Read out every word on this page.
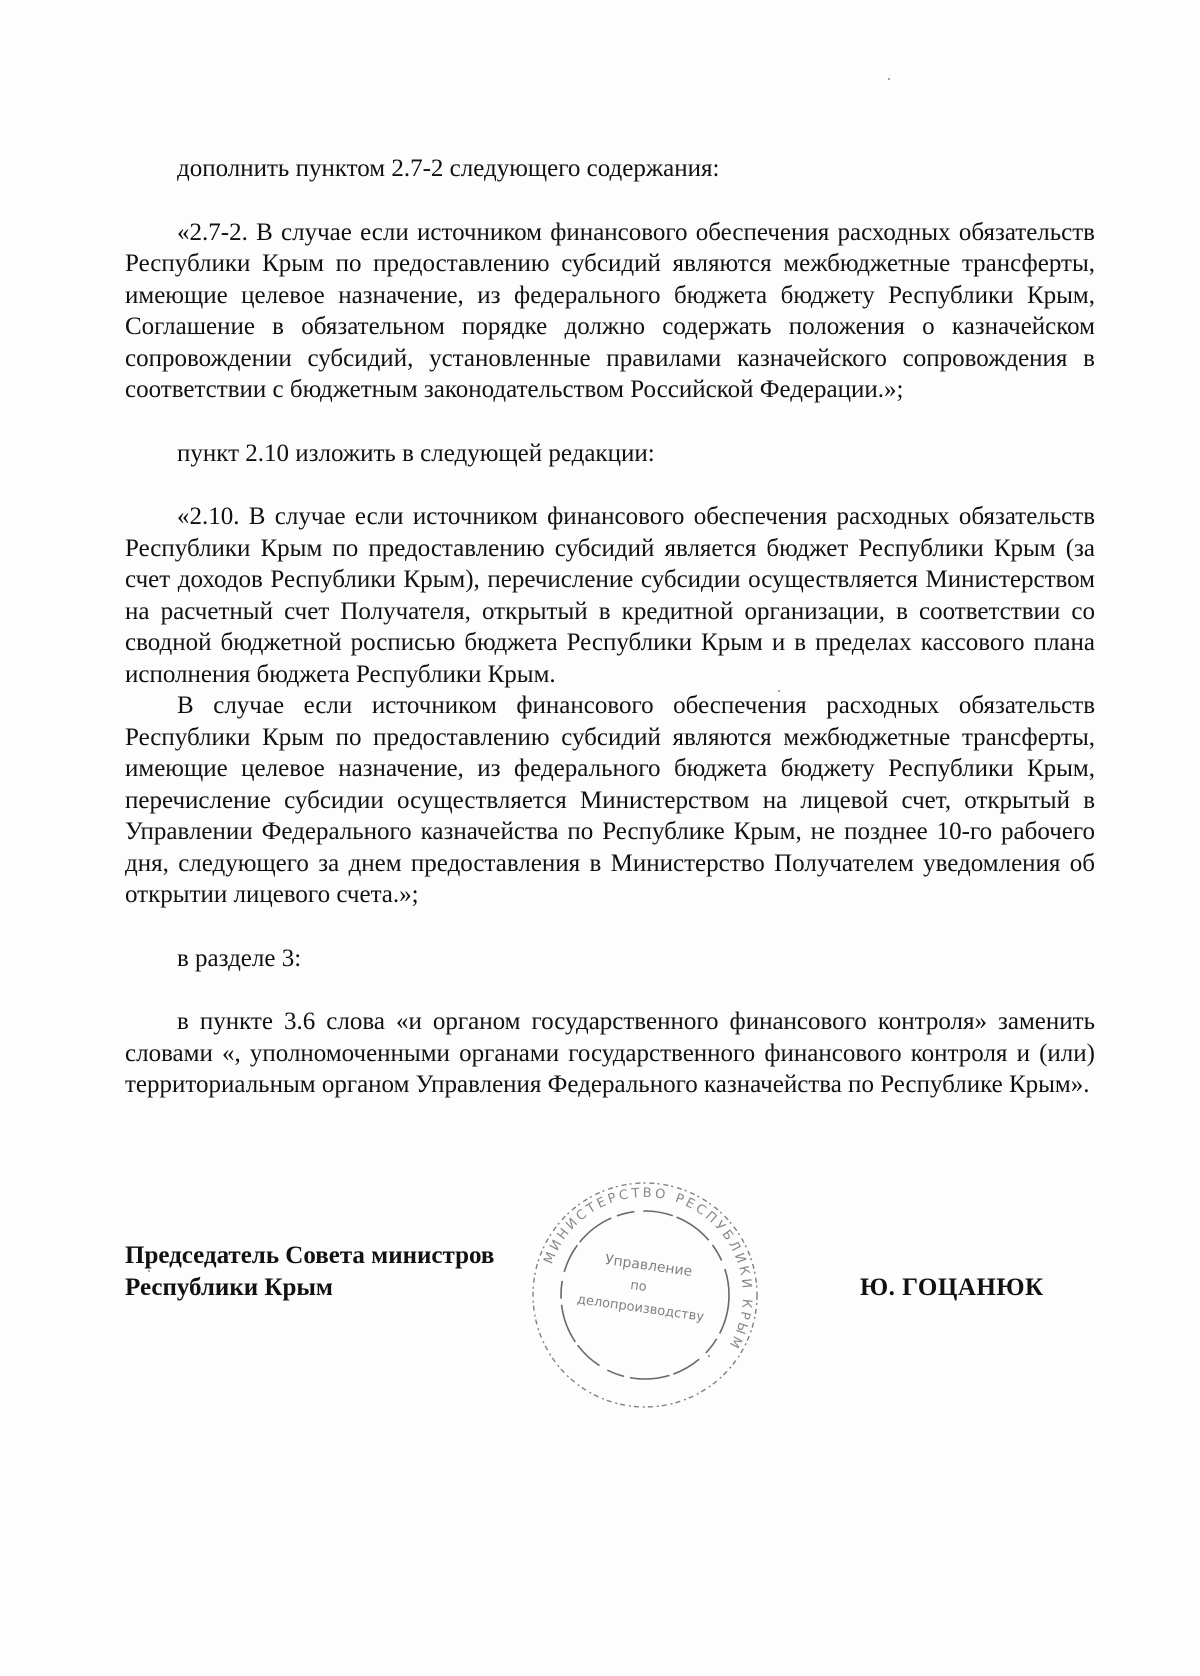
дополнить пунктом 2.7-2 следующего содержания:

«2.7-2. В случае если источником финансового обеспечения расходных обязательств Республики Крым по предоставлению субсидий являются межбюджетные трансферты, имеющие целевое назначение, из федерального бюджета бюджету Республики Крым, Соглашение в обязательном порядке должно содержать положения о казначейском сопровождении субсидий, установленные правилами казначейского сопровождения в соответствии с бюджетным законодательством Российской Федерации.»;

пункт 2.10 изложить в следующей редакции:

«2.10. В случае если источником финансового обеспечения расходных обязательств Республики Крым по предоставлению субсидий является бюджет Республики Крым (за счет доходов Республики Крым), перечисление субсидии осуществляется Министерством на расчетный счет Получателя, открытый в кредитной организации, в соответствии со сводной бюджетной росписью бюджета Республики Крым и в пределах кассового плана исполнения бюджета Республики Крым.

В случае если источником финансового обеспечения расходных обязательств Республики Крым по предоставлению субсидий являются межбюджетные трансферты, имеющие целевое назначение, из федерального бюджета бюджету Республики Крым, перечисление субсидии осуществляется Министерством на лицевой счет, открытый в Управлении Федерального казначейства по Республике Крым, не позднее 10-го рабочего дня, следующего за днем предоставления в Министерство Получателем уведомления об открытии лицевого счета.»;

в разделе 3:

в пункте 3.6 слова «и органом государственного финансового контроля» заменить словами «, уполномоченными органами государственного финансового контроля и (или) территориальным органом Управления Федерального казначейства по Республике Крым».

Председатель Совета министров
Республики Крым	Ю. ГОЦАНЮК
МИНИСТЕРСТВО РЕСПУБЛИКИ КРЫМ
Управление
по
делопроизводству
